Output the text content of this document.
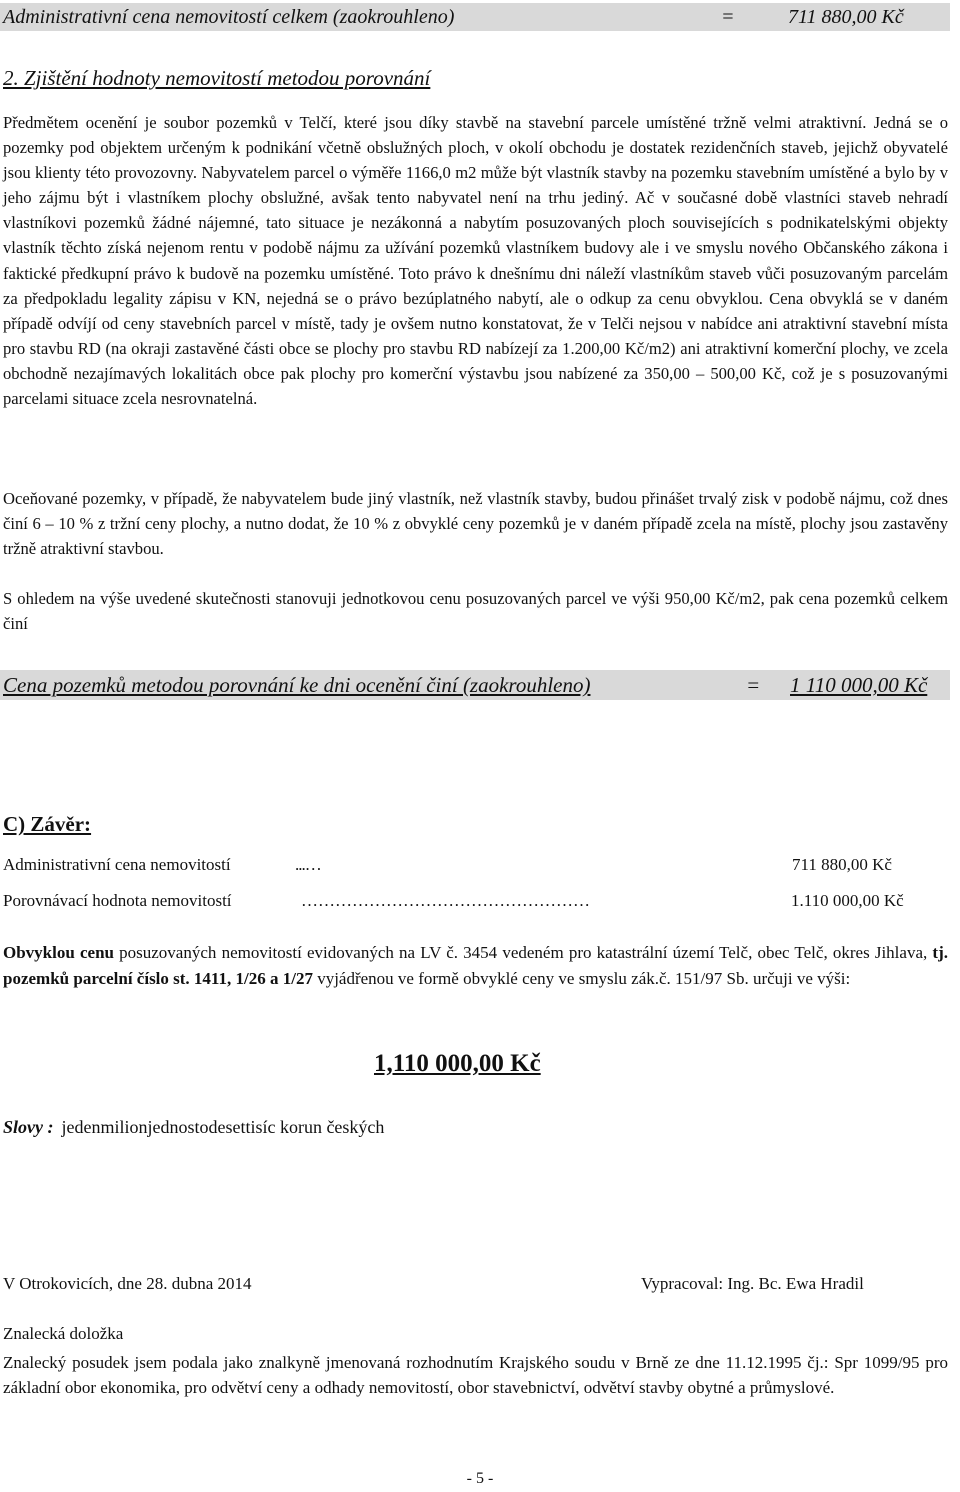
Administrativní cena nemovitostí celkem (zaokrouhleno)	=	711 880,00 Kč
2. Zjištění hodnoty nemovitostí metodou porovnání

Předmětem ocenění je soubor pozemků v Telčí, které jsou díky stavbě na stavební parcele umístěné tržně velmi atraktivní. Jedná se o pozemky pod objektem určeným k podnikání včetně obslužných ploch, v okolí obchodu je dostatek rezidenčních staveb, jejichž obyvatelé jsou klienty této provozovny. Nabyvatelem parcel o výměře 1166,0 m2 může být vlastník stavby na pozemku stavebním umístěné a bylo by v jeho zájmu být i vlastníkem plochy obslužné, avšak tento nabyvatel není na trhu jediný. Ač v současné době vlastníci staveb nehradí vlastníkovi pozemků žádné nájemné, tato situace je nezákonná a nabytím posuzovaných ploch souvisejících s podnikatelskými objekty vlastník těchto získá nejenom rentu v podobě nájmu za užívání pozemků vlastníkem budovy ale i ve smyslu nového Občanského zákona i faktické předkupní právo k budově na pozemku umístěné. Toto právo k dnešnímu dni náleží vlastníkům staveb vůči posuzovaným parcelám za předpokladu legality zápisu v KN, nejedná se o právo bezúplatného nabytí, ale o odkup za cenu obvyklou. Cena obvyklá se v daném případě odvíjí od ceny stavebních parcel v místě, tady je ovšem nutno konstatovat, že v Telči nejsou v nabídce ani atraktivní stavební místa pro stavbu RD (na okraji zastavěné části obce se plochy pro stavbu RD nabízejí za 1.200,00 Kč/m2) ani atraktivní komerční plochy, ve zcela obchodně nezajímavých lokalitách obce pak plochy pro komerční výstavbu jsou nabízené za 350,00 – 500,00 Kč, což je s posuzovanými parcelami situace zcela nesrovnatelná.

Oceňované pozemky, v případě, že nabyvatelem bude jiný vlastník, než vlastník stavby, budou přinášet trvalý zisk v podobě nájmu, což dnes činí 6 – 10 % z tržní ceny plochy, a nutno dodat, že 10 % z obvyklé ceny pozemků je v daném případě zcela na místě, plochy jsou zastavěny tržně atraktivní stavbou.

S ohledem na výše uvedené skutečnosti stanovuji jednotkovou cenu posuzovaných parcel ve výši 950,00 Kč/m2, pak cena pozemků celkem činí

Cena pozemků metodou porovnání ke dni ocenění činí (zaokrouhleno)	= 1 110 000,00 Kč
C) Závěr:
Administrativní cena nemovitostí	...…	711 880,00 Kč
Porovnávací hodnota nemovitostí	……………………………………………	1.110 000,00 Kč

Obvyklou cenu posuzovaných nemovitostí evidovaných na LV č. 3454 vedeném pro katastrální území Telč, obec Telč, okres Jihlava, tj. pozemků parcelní číslo st. 1411, 1/26 a 1/27 vyjádřenou ve formě obvyklé ceny ve smyslu zák.č. 151/97 Sb. určuji ve výši:

1,110 000,00 Kč
Slovy : jedenmilionjednostodesettisíc korun českých
V Otrokovicích, dne 28. dubna 2014	Vypracoval: Ing. Bc. Ewa Hradil
Znalecká doložka

Znalecký posudek jsem podala jako znalkyně jmenovaná rozhodnutím Krajského soudu v Brně ze dne 11.12.1995 čj.: Spr 1099/95 pro základní obor ekonomika, pro odvětví ceny a odhady nemovitostí, obor stavebnictví, odvětví stavby obytné a průmyslové.

- 5 -
